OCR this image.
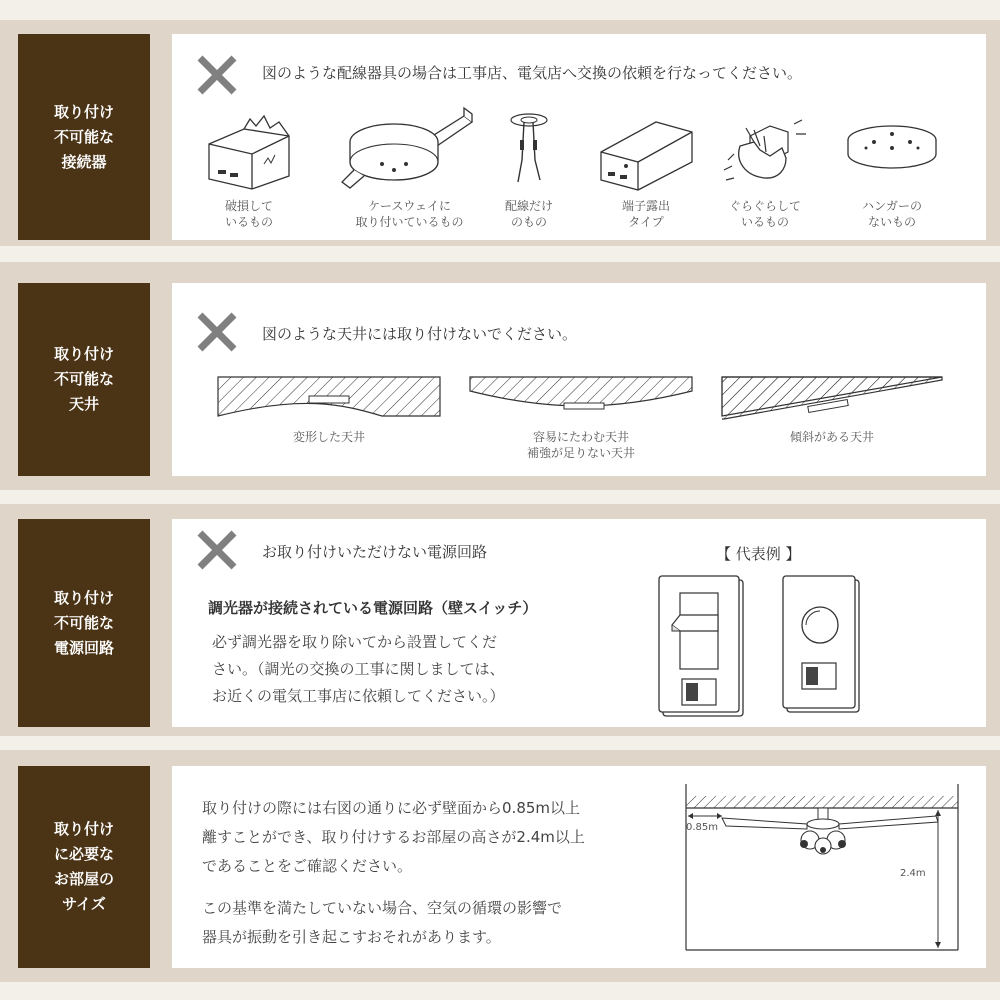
取り付け
不可能な
接続器
図のような配線器具の場合は工事店、電気店へ交換の依頼を行なってください。
破損して
いるもの
ケースウェイに
取り付いているもの
配線だけ
のもの
端子露出
タイプ
ぐらぐらして
いるもの
ハンガーの
ないもの
取り付け
不可能な
天井
図のような天井には取り付けないでください。
変形した天井	容易にたわむ天井
補強が足りない天井
傾斜がある天井
取り付け
不可能な
電源回路
お取り付けいただけない電源回路	【 代表例 】
調光器が接続されている電源回路（壁スイッチ）
必ず調光器を取り除いてから設置してくだ
さい。（調光の交換の工事に関しましては、
お近くの電気工事店に依頼してください。）
取り付け
に必要な
お部屋の
サイズ
取り付けの際には右図の通りに必ず壁面から0.85m以上
離すことができ、取り付けするお部屋の高さが2.4m以上
であることをご確認ください。
この基準を満たしていない場合、空気の循環の影響で
器具が振動を引き起こすおそれがあります。
0.85m
2.4m
